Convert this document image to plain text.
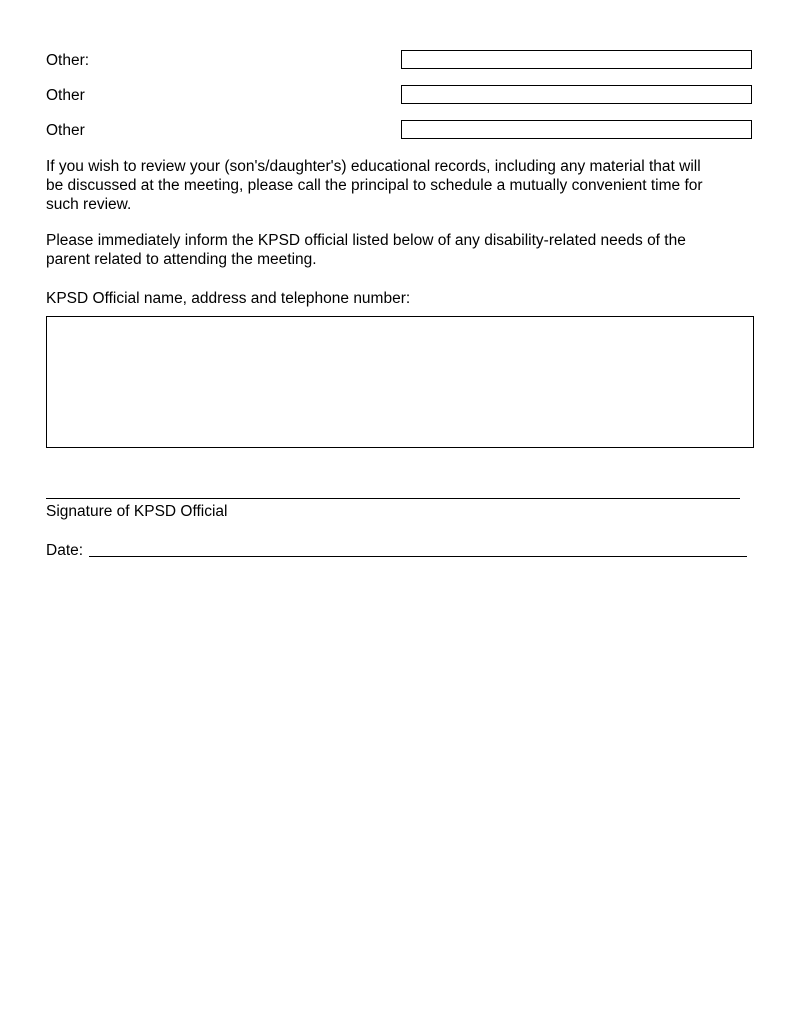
Other:
Other
Other
If you wish to review your (son's/daughter's) educational records, including any material that will
be discussed at the meeting, please call the principal to schedule a mutually convenient time for
such review.
Please immediately inform the KPSD official listed below of any disability-related needs of the
parent related to attending the meeting.
KPSD Official name, address and telephone number:
Signature of KPSD Official
Date:
